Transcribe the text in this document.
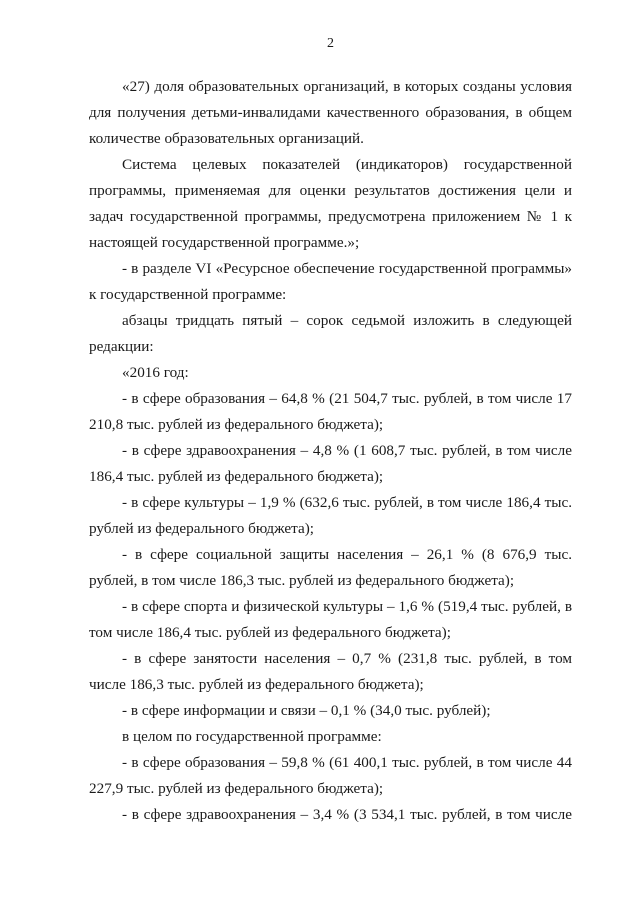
2

«27) доля образовательных организаций, в которых созданы условия для получения детьми-инвалидами качественного образования, в общем количестве образовательных организаций.

Система целевых показателей (индикаторов) государственной программы, применяемая для оценки результатов достижения цели и задач государственной программы, предусмотрена приложением № 1 к настоящей государственной программе.»;

- в разделе VI «Ресурсное обеспечение государственной программы» к государственной программе:

абзацы тридцать пятый – сорок седьмой изложить в следующей редакции:

«2016 год:

- в сфере образования – 64,8 % (21 504,7 тыс. рублей, в том числе 17 210,8 тыс. рублей из федерального бюджета);

- в сфере здравоохранения – 4,8 % (1 608,7 тыс. рублей, в том числе 186,4 тыс. рублей из федерального бюджета);

- в сфере культуры – 1,9 % (632,6 тыс. рублей, в том числе 186,4 тыс. рублей из федерального бюджета);

- в сфере социальной защиты населения – 26,1 % (8 676,9 тыс. рублей, в том числе 186,3 тыс. рублей из федерального бюджета);

- в сфере спорта и физической культуры – 1,6 % (519,4 тыс. рублей, в том числе 186,4 тыс. рублей из федерального бюджета);

- в сфере занятости населения – 0,7 % (231,8 тыс. рублей, в том числе 186,3 тыс. рублей из федерального бюджета);

- в сфере информации и связи – 0,1 % (34,0 тыс. рублей);

в целом по государственной программе:

- в сфере образования – 59,8 % (61 400,1 тыс. рублей, в том числе 44 227,9 тыс. рублей из федерального бюджета);

- в сфере здравоохранения – 3,4 % (3 534,1 тыс. рублей, в том числе
